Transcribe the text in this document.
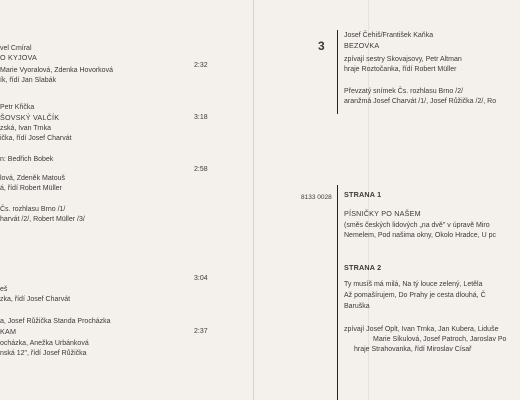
vel Cmíral
O KYJOVA
Marie Vyoralová, Zdenka Hovorková
ík, řídí Jan Slabák
2:32
Petr Křička
ŠOVSKÝ VALČÍK
zská, Ivan Trnka
ička, řídí Josef Charvát
3:18
n: Bedřich Bobek
2:58
lová, Zdeněk Matouš
á, řídí Robert Müller
Čs. rozhlasu Brno /1/
harvát /2/, Robert Müller /3/
3:04
eš
zka, řídí Josef Charvát
a, Josef Růžička Standa Procházka
KAM	2:37
ocházka, Anežka Urbánková
nská 12", řídí Josef Růžička
3
Josef Čehiš/František Kaňka
BEZOVKA
zpívají sestry Skovajsovy, Petr Altman
hraje Roztočanka, řídí Robert Müller
Převzatý snímek Čs. rozhlasu Brno /2/
aranžmá Josef Charvát /1/, Josef Růžička /2/, Ro
8133 0028 STRANA 1
PÍSNIČKY PO NAŠEM
(směs českých lidových „na dvě" v úpravě Miro
Nemelem, Pod našima okny, Okolo Hradce, U pc
STRANA 2
Ty musíš má milá, Na tý louce zelený, Letěla
Až pomašírujem, Do Prahy je cesta dlouhá, Č
Baruška
zpívají Josef Oplt, Ivan Trnka, Jan Kubera, Liduše
Marie Síkulová, Josef Patroch, Jaroslav Po
hraje Strahovanka, řídí Miroslav Císař
